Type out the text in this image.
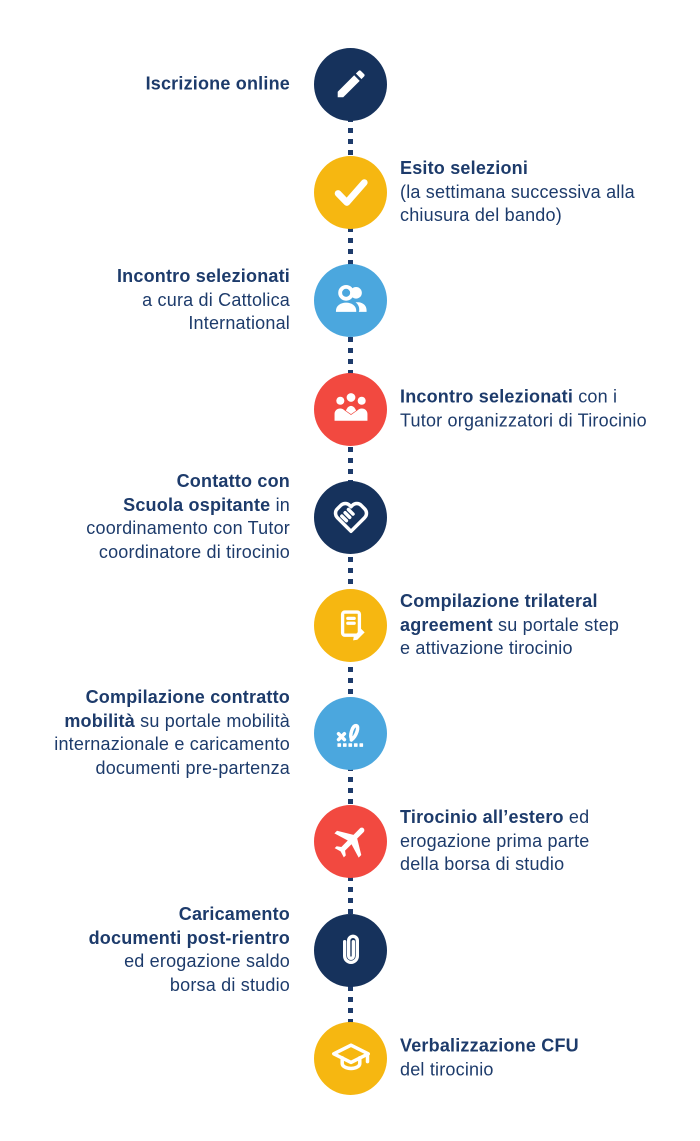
Iscrizione online
Esito selezioni
(la settimana successiva alla
chiusura del bando)
Incontro selezionati
a cura di Cattolica
International
Incontro selezionati con i
Tutor organizzatori di Tirocinio
Contatto con
Scuola ospitante in
coordinamento con Tutor
coordinatore di tirocinio
Compilazione trilateral
agreement su portale step
e attivazione tirocinio
Compilazione contratto
mobilità su portale mobilità
internazionale e caricamento
documenti pre-partenza
Tirocinio all’estero ed
erogazione prima parte
della borsa di studio
Caricamento
documenti post-rientro
ed erogazione saldo
borsa di studio
Verbalizzazione CFU
del tirocinio
